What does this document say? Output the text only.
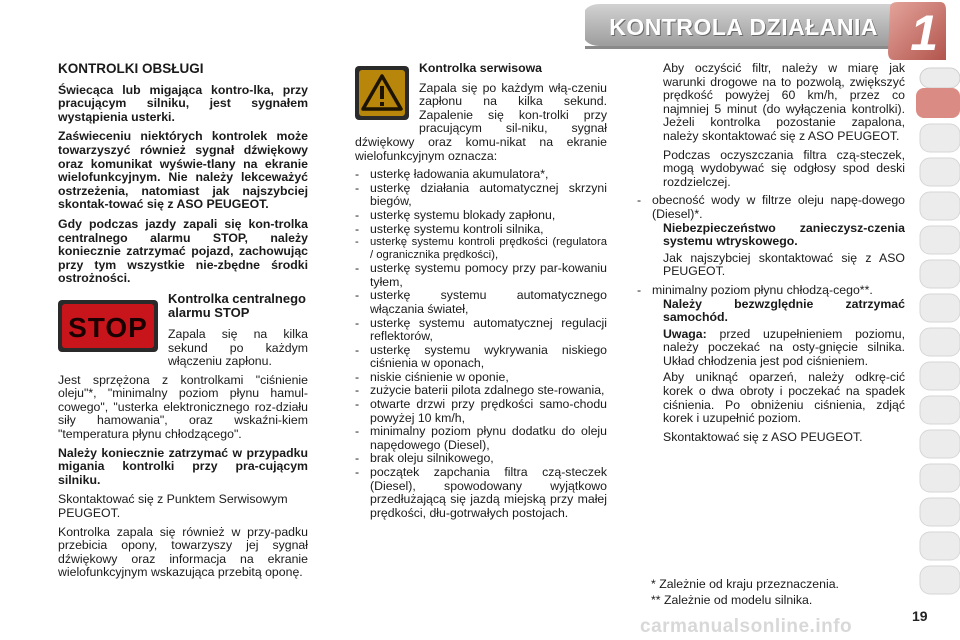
KONTROLA DZIAŁANIA 1
KONTROLKI OBSŁUGI

Świecąca lub migająca kontro-lka, przy pracującym silniku, jest sygnałem wystąpienia usterki.

Zaświeceniu niektórych kontrolek może towarzyszyć również sygnał dźwiękowy oraz komunikat wyświe-tlany na ekranie wielofunkcyjnym. Nie należy lekceważyć ostrzeżenia, natomiast jak najszybciej skontak-tować się z ASO PEUGEOT.

Gdy podczas jazdy zapali się kon-trolka centralnego alarmu STOP, należy koniecznie zatrzymać pojazd, zachowując przy tym wszystkie nie-zbędne środki ostrożności.

STOP

Kontrolka centralnego alarmu STOP

Zapala się na kilka sekund po każdym włączeniu zapłonu.

Jest sprzężona z kontrolkami "ciśnienie oleju"*, "minimalny poziom płynu hamul-cowego", "usterka elektronicznego roz-działu siły hamowania", oraz wskaźni-kiem "temperatura płynu chłodzącego".

Należy koniecznie zatrzymać w przypadku migania kontrolki przy pra-cującym silniku.

Skontaktować się z Punktem Serwisowym PEUGEOT.

Kontrolka zapala się również w przy-padku przebicia opony, towarzyszy jej sygnał dźwiękowy oraz informacja na ekranie wielofunkcyjnym wskazująca przebitą oponę.

Kontrolka serwisowa

Zapala się po każdym włą-czeniu zapłonu na kilka sekund. Zapalenie się kon-trolki przy pracującym sil-niku, sygnał dźwiękowy oraz komu-nikat na ekranie wielofunkcyjnym oznacza:

- usterkę ładowania akumulatora*,
- usterkę działania automatycznej skrzyni biegów,
- usterkę systemu blokady zapłonu,
- usterkę systemu kontroli silnika,
- usterkę systemu kontroli prędkości (regulatora / ogranicznika prędkości),
- usterkę systemu pomocy przy par-kowaniu tyłem,
- usterkę systemu automatycznego włączania świateł,
- usterkę systemu automatycznej regulacji reflektorów,
- usterkę systemu wykrywania niskiego ciśnienia w oponach,
- niskie ciśnienie w oponie,
- zużycie baterii pilota zdalnego ste-rowania,
- otwarte drzwi przy prędkości samo-chodu powyżej 10 km/h,
- minimalny poziom płynu dodatku do oleju napędowego (Diesel),
- brak oleju silnikowego,
- początek zapchania filtra czą-steczek (Diesel), spowodowany wyjątkowo przedłużającą się jazdą miejską przy małej prędkości, dłu-gotrwałych postojach.

Aby oczyścić filtr, należy w miarę jak warunki drogowe na to pozwolą, zwiększyć prędkość powyżej 60 km/h, przez co najmniej 5 minut (do wyłączenia kontrolki). Jeżeli kontrolka pozostanie zapalona, należy skontaktować się z ASO PEUGEOT.

Podczas oczyszczania filtra czą-steczek, mogą wydobywać się odgłosy spod deski rozdzielczej.

- obecność wody w filtrze oleju napę-dowego (Diesel)*.

Niebezpieczeństwo zanieczysz-czenia systemu wtryskowego.

Jak najszybciej skontaktować się z ASO PEUGEOT.

- minimalny poziom płynu chłodzą-cego**.

Należy bezwzględnie zatrzymać samochód.

Uwaga: przed uzupełnieniem poziomu, należy poczekać na osty-gnięcie silnika. Układ chłodzenia jest pod ciśnieniem.

Aby uniknąć oparzeń, należy odkrę-cić korek o dwa obroty i poczekać na spadek ciśnienia. Po obniżeniu ciśnienia, zdjąć korek i uzupełnić poziom.

Skontaktować się z ASO PEUGEOT.

* Zależnie od kraju przeznaczenia.
** Zależnie od modelu silnika.
carmanualsonline.info	19
